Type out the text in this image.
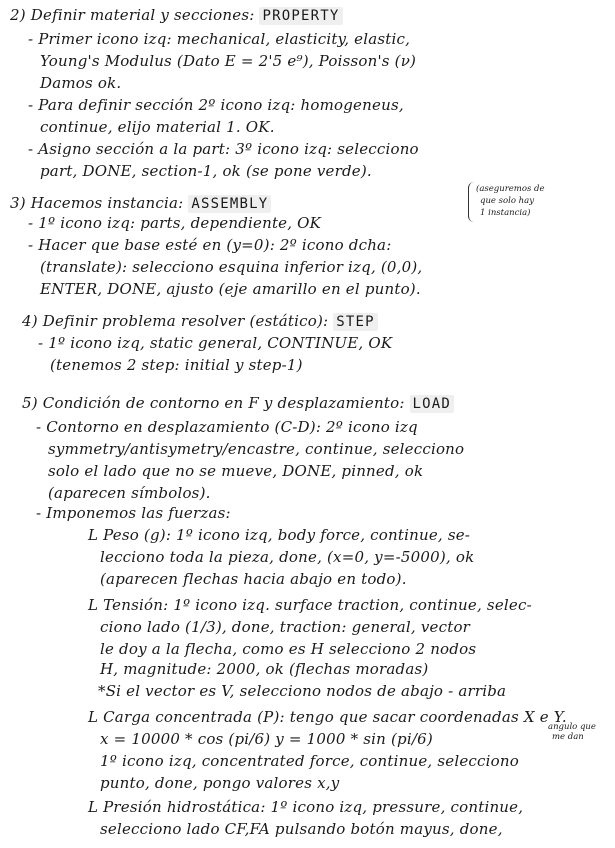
2) Definir material y secciones: PROPERTY
- Primer icono izq: mechanical, elasticity, elastic,
Young's Modulus (Dato E = 2'5 e⁹), Poisson's (ν)
Damos ok.
- Para definir sección 2º icono izq: homogeneus,
continue, elijo material 1. OK.
- Asigno sección a la part: 3º icono izq: selecciono
part, DONE, section-1, ok (se pone verde).
3) Hacemos instancia: ASSEMBLY
(aseguremos de
que solo hay
1 instancia)
- 1º icono izq: parts, dependiente, OK
- Hacer que base esté en (y=0): 2º icono dcha:
(translate): selecciono esquina inferior izq, (0,0),
ENTER, DONE, ajusto (eje amarillo en el punto).
4) Definir problema resolver (estático): STEP
- 1º icono izq, static general, CONTINUE, OK
(tenemos 2 step: initial y step-1)
5) Condición de contorno en F y desplazamiento: LOAD
- Contorno en desplazamiento (C-D): 2º icono izq
symmetry/antisymetry/encastre, continue, selecciono
solo el lado que no se mueve, DONE, pinned, ok
(aparecen símbolos).
- Imponemos las fuerzas:
L Peso (g): 1º icono izq, body force, continue, se-
lecciono toda la pieza, done, (x=0, y=-5000), ok
(aparecen flechas hacia abajo en todo).
L Tensión: 1º icono izq. surface traction, continue, selec-
ciono lado (1/3), done, traction: general, vector
le doy a la flecha, como es H selecciono 2 nodos
H, magnitude: 2000, ok (flechas moradas)
*Si el vector es V, selecciono nodos de abajo - arriba
L Carga concentrada (P): tengo que sacar coordenadas X e Y.
x = 10000 * cos (pi/6) y = 1000 * sin (pi/6)
angulo que
me dan
1º icono izq, concentrated force, continue, selecciono
punto, done, pongo valores x,y
L Presión hidrostática: 1º icono izq, pressure, continue,
selecciono lado CF,FA pulsando botón mayus, done,
